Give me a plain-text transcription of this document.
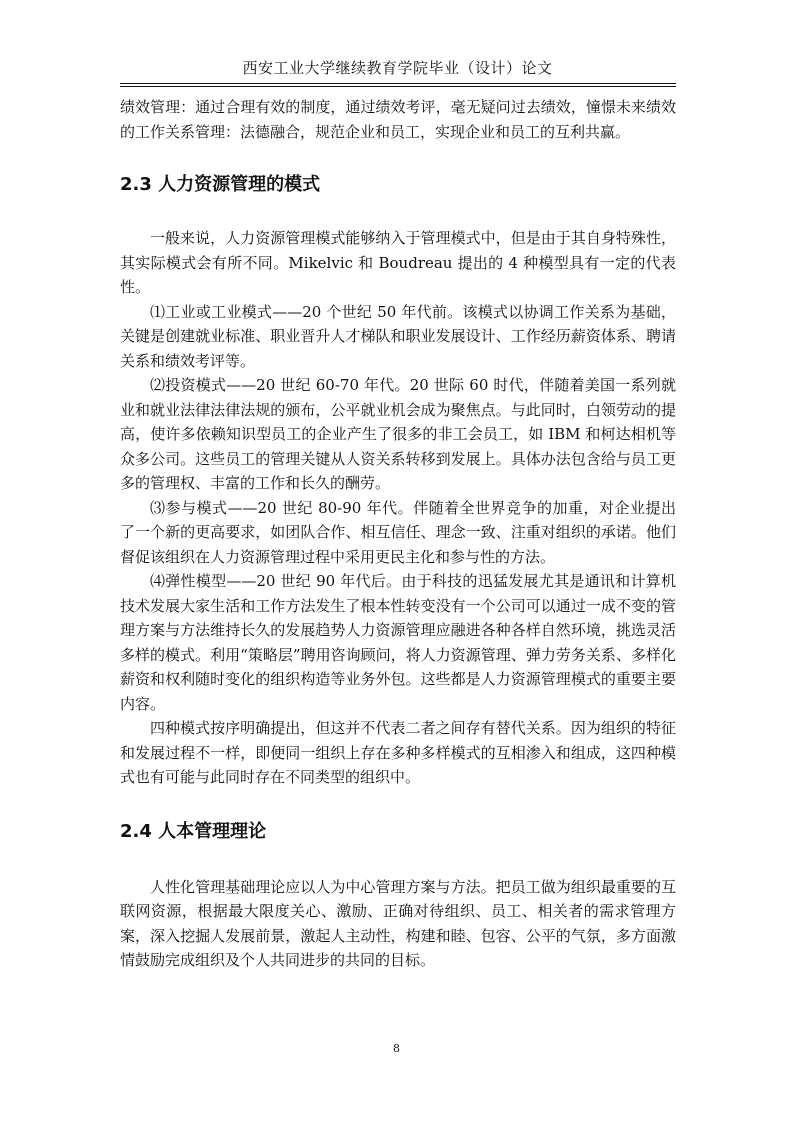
西安工业大学继续教育学院毕业（设计）论文

绩效管理：通过合理有效的制度，通过绩效考评，毫无疑问过去绩效，憧憬未来绩效的工作关系管理：法德融合，规范企业和员工，实现企业和员工的互利共赢。

2.3 人力资源管理的模式

一般来说，人力资源管理模式能够纳入于管理模式中，但是由于其自身特殊性，其实际模式会有所不同。Mikelvic 和 Boudreau 提出的 4 种模型具有一定的代表性。

⑴工业或工业模式——20 个世纪 50 年代前。该模式以协调工作关系为基础，关键是创建就业标准、职业晋升人才梯队和职业发展设计、工作经历薪资体系、聘请关系和绩效考评等。

⑵投资模式——20 世纪 60-70 年代。20 世际 60 时代，伴随着美国一系列就业和就业法律法律法规的颁布，公平就业机会成为聚焦点。与此同时，白领劳动的提高，使许多依赖知识型员工的企业产生了很多的非工会员工，如 IBM 和柯达相机等众多公司。这些员工的管理关键从人资关系转移到发展上。具体办法包含给与员工更多的管理权、丰富的工作和长久的酬劳。

⑶参与模式——20 世纪 80-90 年代。伴随着全世界竞争的加重，对企业提出了一个新的更高要求，如团队合作、相互信任、理念一致、注重对组织的承诺。他们督促该组织在人力资源管理过程中采用更民主化和参与性的方法。

⑷弹性模型——20 世纪 90 年代后。由于科技的迅猛发展尤其是通讯和计算机技术发展大家生活和工作方法发生了根本性转变没有一个公司可以通过一成不变的管理方案与方法维持长久的发展趋势人力资源管理应融进各种各样自然环境，挑选灵活多样的模式。利用“策略层”聘用咨询顾问，将人力资源管理、弹力劳务关系、多样化薪资和权利随时变化的组织构造等业务外包。这些都是人力资源管理模式的重要主要内容。

四种模式按序明确提出，但这并不代表二者之间存有替代关系。因为组织的特征和发展过程不一样，即便同一组织上存在多种多样模式的互相渗入和组成，这四种模式也有可能与此同时存在不同类型的组织中。

2.4 人本管理理论

人性化管理基础理论应以人为中心管理方案与方法。把员工做为组织最重要的互联网资源，根据最大限度关心、激励、正确对待组织、员工、相关者的需求管理方案，深入挖掘人发展前景，激起人主动性，构建和睦、包容、公平的气氛，多方面激情鼓励完成组织及个人共同进步的共同的目标。

8
